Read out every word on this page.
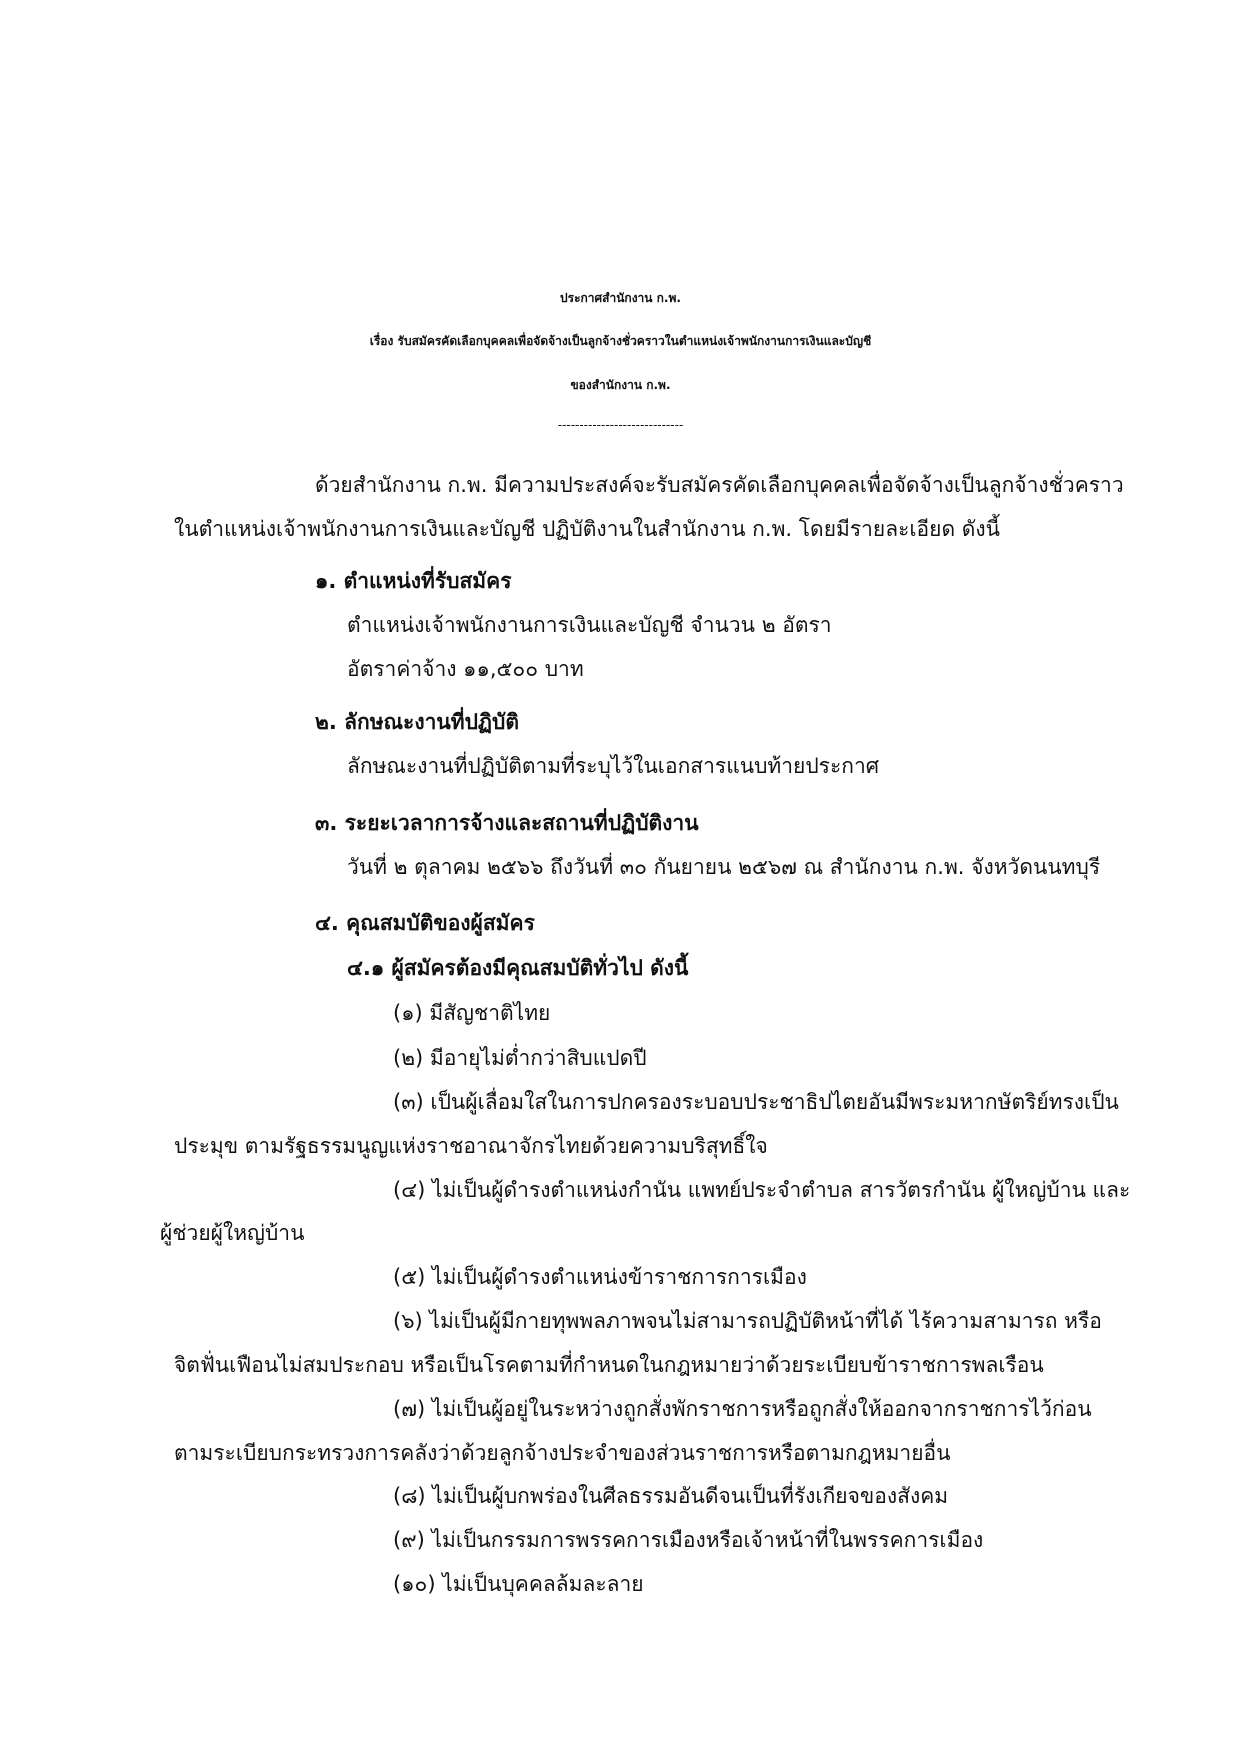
ประกาศสำนักงาน ก.พ.
เรื่อง รับสมัครคัดเลือกบุคคลเพื่อจัดจ้างเป็นลูกจ้างชั่วคราวในตำแหน่งเจ้าพนักงานการเงินและบัญชี
ของสำนักงาน ก.พ.
-----------------------------
ด้วยสำนักงาน ก.พ. มีความประสงค์จะรับสมัครคัดเลือกบุคคลเพื่อจัดจ้างเป็นลูกจ้างชั่วคราว
ในตำแหน่งเจ้าพนักงานการเงินและบัญชี ปฏิบัติงานในสำนักงาน ก.พ. โดยมีรายละเอียด ดังนี้
๑. ตำแหน่งที่รับสมัคร
ตำแหน่งเจ้าพนักงานการเงินและบัญชี จำนวน ๒ อัตรา
อัตราค่าจ้าง ๑๑,๕๐๐ บาท
๒. ลักษณะงานที่ปฏิบัติ
ลักษณะงานที่ปฏิบัติตามที่ระบุไว้ในเอกสารแนบท้ายประกาศ
๓. ระยะเวลาการจ้างและสถานที่ปฏิบัติงาน
วันที่ ๒ ตุลาคม ๒๕๖๖ ถึงวันที่ ๓๐ กันยายน ๒๕๖๗ ณ สำนักงาน ก.พ. จังหวัดนนทบุรี
๔. คุณสมบัติของผู้สมัคร
๔.๑ ผู้สมัครต้องมีคุณสมบัติทั่วไป ดังนี้
(๑) มีสัญชาติไทย
(๒) มีอายุไม่ต่ำกว่าสิบแปดปี
(๓) เป็นผู้เลื่อมใสในการปกครองระบอบประชาธิปไตยอันมีพระมหากษัตริย์ทรงเป็น
ประมุข ตามรัฐธรรมนูญแห่งราชอาณาจักรไทยด้วยความบริสุทธิ์ใจ
(๔) ไม่เป็นผู้ดำรงตำแหน่งกำนัน แพทย์ประจำตำบล สารวัตรกำนัน ผู้ใหญ่บ้าน และ
ผู้ช่วยผู้ใหญ่บ้าน
(๕) ไม่เป็นผู้ดำรงตำแหน่งข้าราชการการเมือง
(๖) ไม่เป็นผู้มีกายทุพพลภาพจนไม่สามารถปฏิบัติหน้าที่ได้ ไร้ความสามารถ หรือ
จิตฟั่นเฟือนไม่สมประกอบ หรือเป็นโรคตามที่กำหนดในกฎหมายว่าด้วยระเบียบข้าราชการพลเรือน
(๗) ไม่เป็นผู้อยู่ในระหว่างถูกสั่งพักราชการหรือถูกสั่งให้ออกจากราชการไว้ก่อน
ตามระเบียบกระทรวงการคลังว่าด้วยลูกจ้างประจำของส่วนราชการหรือตามกฎหมายอื่น
(๘) ไม่เป็นผู้บกพร่องในศีลธรรมอันดีจนเป็นที่รังเกียจของสังคม
(๙) ไม่เป็นกรรมการพรรคการเมืองหรือเจ้าหน้าที่ในพรรคการเมือง
(๑๐) ไม่เป็นบุคคลล้มละลาย
